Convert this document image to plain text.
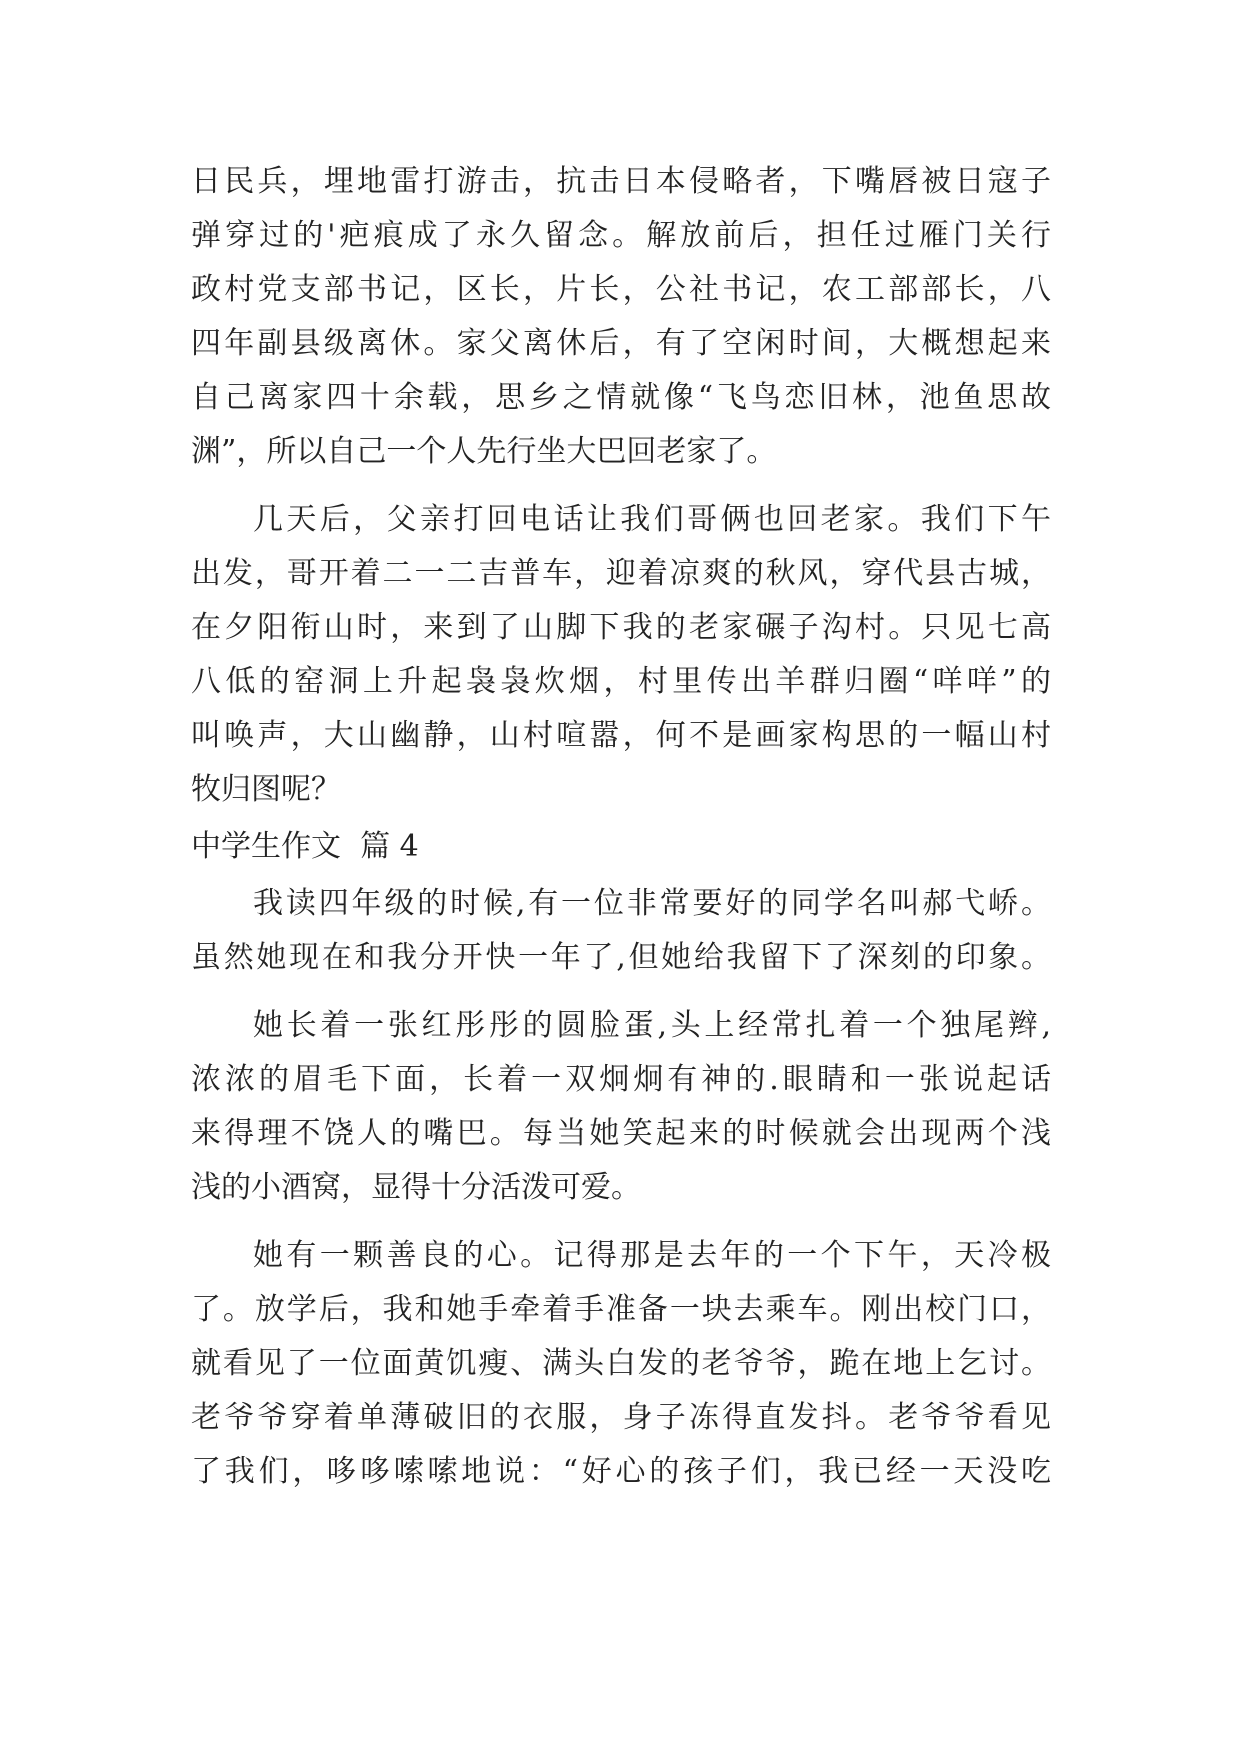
日民兵，埋地雷打游击，抗击日本侵略者，下嘴唇被日寇子
弹穿过的'疤痕成了永久留念。解放前后，担任过雁门关行
政村党支部书记，区长，片长，公社书记，农工部部长，八
四年副县级离休。家父离休后，有了空闲时间，大概想起来
自己离家四十余载，思乡之情就像“飞鸟恋旧林，池鱼思故
渊”，所以自己一个人先行坐大巴回老家了。
几天后，父亲打回电话让我们哥俩也回老家。我们下午
出发，哥开着二一二吉普车，迎着凉爽的秋风，穿代县古城，
在夕阳衔山时，来到了山脚下我的老家碾子沟村。只见七高
八低的窑洞上升起袅袅炊烟，村里传出羊群归圈“咩咩”的
叫唤声，大山幽静，山村喧嚣，何不是画家构思的一幅山村
牧归图呢？
中学生作文  篇 4
我读四年级的时候,有一位非常要好的同学名叫郝弋峤。
虽然她现在和我分开快一年了,但她给我留下了深刻的印象。
她长着一张红彤彤的圆脸蛋,头上经常扎着一个独尾辫,
浓浓的眉毛下面，长着一双炯炯有神的.眼睛和一张说起话
来得理不饶人的嘴巴。每当她笑起来的时候就会出现两个浅
浅的小酒窝，显得十分活泼可爱。
她有一颗善良的心。记得那是去年的一个下午，天冷极
了。放学后，我和她手牵着手准备一块去乘车。刚出校门口，
就看见了一位面黄饥瘦、满头白发的老爷爷，跪在地上乞讨。
老爷爷穿着单薄破旧的衣服，身子冻得直发抖。老爷爷看见
了我们，哆哆嗦嗦地说：“好心的孩子们，我已经一天没吃
